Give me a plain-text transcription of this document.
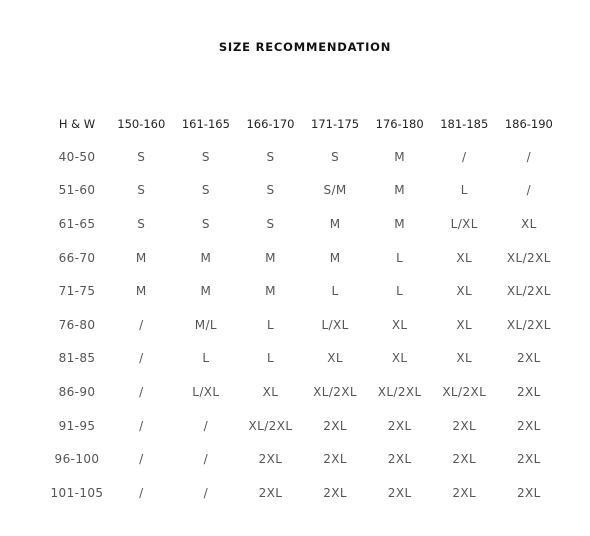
SIZE RECOMMENDATION
H & W	150-160	161-165	166-170	171-175	176-180	181-185	186-190
40-50	S	S	S	S	M	/	/
51-60	S	S	S	S/M	M	L	/
61-65	S	S	S	M	M	L/XL	XL
66-70	M	M	M	M	L	XL	XL/2XL
71-75	M	M	M	L	L	XL	XL/2XL
76-80	/	M/L	L	L/XL	XL	XL	XL/2XL
81-85	/	L	L	XL	XL	XL	2XL
86-90	/	L/XL	XL	XL/2XL	XL/2XL	XL/2XL	2XL
91-95	/	/	XL/2XL	2XL	2XL	2XL	2XL
96-100	/	/	2XL	2XL	2XL	2XL	2XL
101-105	/	/	2XL	2XL	2XL	2XL	2XL
